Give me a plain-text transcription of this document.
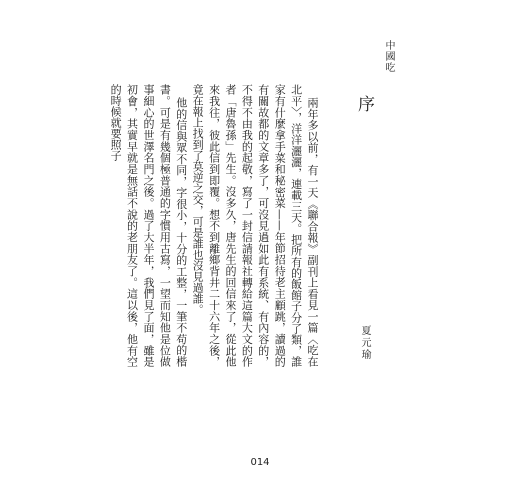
中國吃
序
夏元瑜

兩年多以前，有一天《聯合報》副刊上看見一篇〈吃在北平〉，洋洋灑灑，連載三天。把所有的飯館子分了類，誰家有什麼拿手菜和秘密菜——年節招待老主顧跳，讀過的有關故都的文章多了，可沒見過如此有系統、有內容的，不得不由我的起敬，寫了一封信請報社轉給這篇大文的作者「唐魯孫」先生。沒多久，唐先生的回信來了，從此他來我往，彼此信到即覆。想不到離鄉背井二十六年之後，竟在報上找到了莫逆之交，可是誰也沒見過誰。

他的信與眾不同，字很小，十分的工整，一筆不苟的楷書。可是有幾個極普通的字慣用古寫，一望而知他是位做事細心的世澤名門之後。過了大半年，我們見了面，雖是初會，其實早就是無話不說的老朋友了。這以後，他有空的時候就要照子

014
